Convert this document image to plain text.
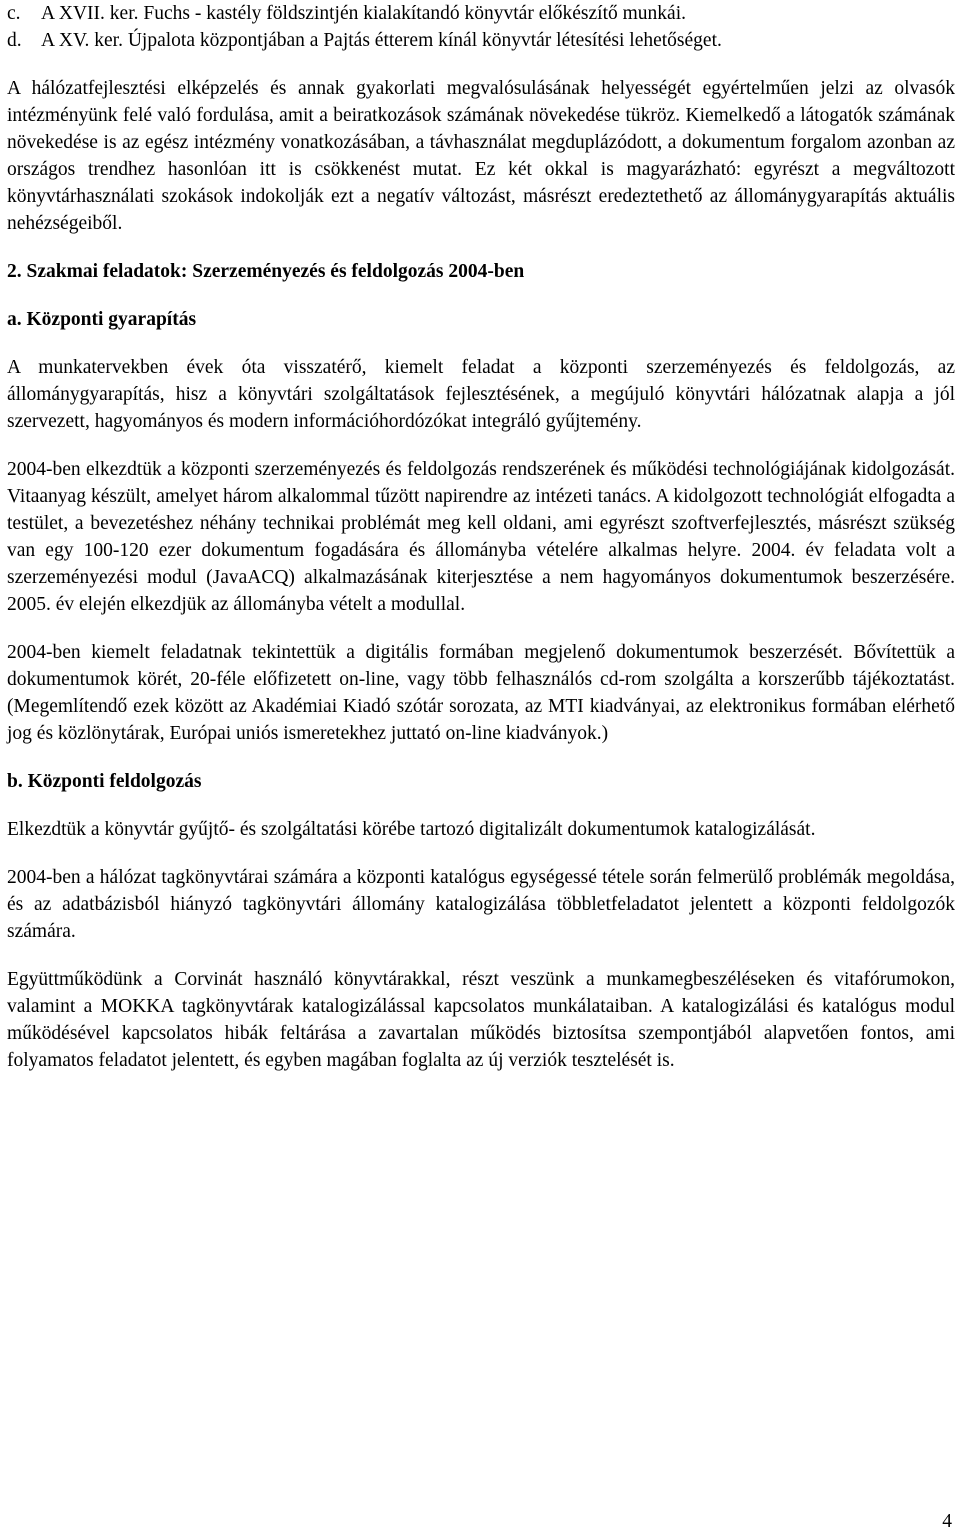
c.	A XVII. ker. Fuchs - kastély földszintjén kialakítandó könyvtár előkészítő munkái.
d. A XV. ker. Újpalota központjában a Pajtás étterem kínál könyvtár létesítési lehetőséget.

A hálózatfejlesztési elképzelés és annak gyakorlati megvalósulásának helyességét egyértelműen jelzi az olvasók intézményünk felé való fordulása, amit a beiratkozások számának növekedése tükröz. Kiemelkedő a látogatók számának növekedése is az egész intézmény vonatkozásában, a távhasználat megduplázódott, a dokumentum forgalom azonban az országos trendhez hasonlóan itt is csökkenést mutat. Ez két okkal is magyarázható: egyrészt a megváltozott könyvtárhasználati szokások indokolják ezt a negatív változást, másrészt eredeztethető az állománygyarapítás aktuális nehézségeiből.

2. Szakmai feladatok: Szerzeményezés és feldolgozás 2004-ben

a. Központi gyarapítás

A munkatervekben évek óta visszatérő, kiemelt feladat a központi szerzeményezés és feldolgozás, az állománygyarapítás, hisz a könyvtári szolgáltatások fejlesztésének, a megújuló könyvtári hálózatnak alapja a jól szervezett, hagyományos és modern információhordózókat integráló gyűjtemény.

2004-ben elkezdtük a központi szerzeményezés és feldolgozás rendszerének és működési technológiájának kidolgozását. Vitaanyag készült, amelyet három alkalommal tűzött napirendre az intézeti tanács. A kidolgozott technológiát elfogadta a testület, a bevezetéshez néhány technikai problémát meg kell oldani, ami egyrészt szoftverfejlesztés, másrészt szükség van egy 100-120 ezer dokumentum fogadására és állományba vételére alkalmas helyre. 2004. év feladata volt a szerzeményezési modul (JavaACQ) alkalmazásának kiterjesztése a nem hagyományos dokumentumok beszerzésére. 2005. év elején elkezdjük az állományba vételt a modullal.

2004-ben kiemelt feladatnak tekintettük a digitális formában megjelenő dokumentumok beszerzését. Bővítettük a dokumentumok körét, 20-féle előfizetett on-line, vagy több felhasználós cd-rom szolgálta a korszerűbb tájékoztatást. (Megemlítendő ezek között az Akadémiai Kiadó szótár sorozata, az MTI kiadványai, az elektronikus formában elérhető jog és közlönytárak, Európai uniós ismeretekhez juttató on-line kiadványok.)

b. Központi feldolgozás

Elkezdtük a könyvtár gyűjtő- és szolgáltatási körébe tartozó digitalizált dokumentumok katalogizálását.

2004-ben a hálózat tagkönyvtárai számára a központi katalógus egységessé tétele során felmerülő problémák megoldása, és az adatbázisból hiányzó tagkönyvtári állomány katalogizálása többletfeladatot jelentett a központi feldolgozók számára.

Együttműködünk a Corvinát használó könyvtárakkal, részt veszünk a munkamegbeszéléseken és vitafórumokon, valamint a MOKKA tagkönyvtárak katalogizálással kapcsolatos munkálataiban. A katalogizálási és katalógus modul működésével kapcsolatos hibák feltárása a zavartalan működés biztosítsa szempontjából alapvetően fontos, ami folyamatos feladatot jelentett, és egyben magában foglalta az új verziók tesztelését is.

4
